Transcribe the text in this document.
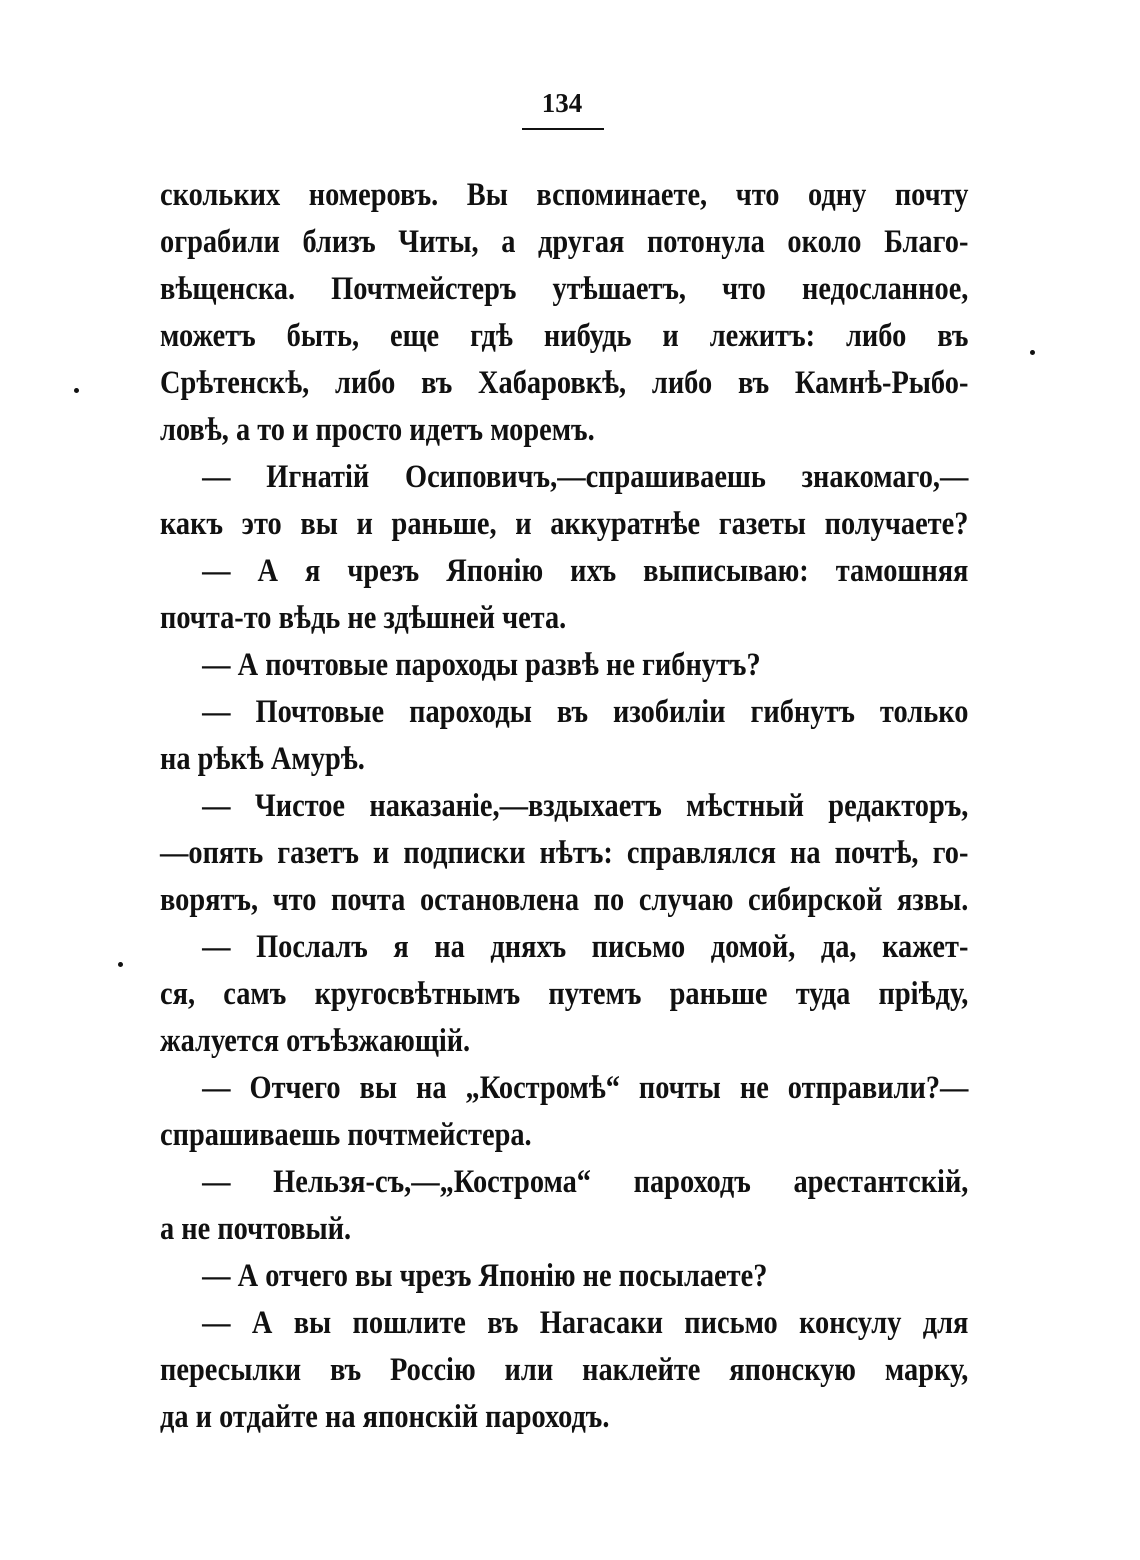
134
скольких номеровъ. Вы вспоминаете, что одну почту
ограбили близъ Читы, а другая потонула около Благо-
вѣщенска. Почтмейстеръ утѣшаетъ, что недосланное,
можетъ быть, еще гдѣ нибудь и лежитъ: либо въ
Срѣтенскѣ, либо въ Хабаровкѣ, либо въ Камнѣ-Рыбо-
ловѣ, а то и просто идетъ моремъ.
— Игнатій Осиповичъ,—спрашиваешь знакомаго,—
какъ это вы и раньше, и аккуратнѣе газеты получаете?
— А я чрезъ Японію ихъ выписываю: тамошняя
почта-то вѣдь не здѣшней чета.
— А почтовые пароходы развѣ не гибнутъ?
— Почтовые пароходы въ изобиліи гибнутъ только
на рѣкѣ Амурѣ.
— Чистое наказаніе,—вздыхаетъ мѣстный редакторъ,
—опять газетъ и подписки нѣтъ: справлялся на почтѣ, го-
ворятъ, что почта остановлена по случаю сибирской язвы.
— Послалъ я на дняхъ письмо домой, да, кажет-
ся, самъ кругосвѣтнымъ путемъ раньше туда пріѣду,
жалуется отъѣзжающій.
— Отчего вы на „Костромѣ“ почты не отправили?—
спрашиваешь почтмейстера.
— Нельзя-съ,—„Кострома“ пароходъ арестантскій,
а не почтовый.
— А отчего вы чрезъ Японію не посылаете?
— А вы пошлите въ Нагасаки письмо консулу для
пересылки въ Россію или наклейте японскую марку,
да и отдайте на японскій пароходъ.
